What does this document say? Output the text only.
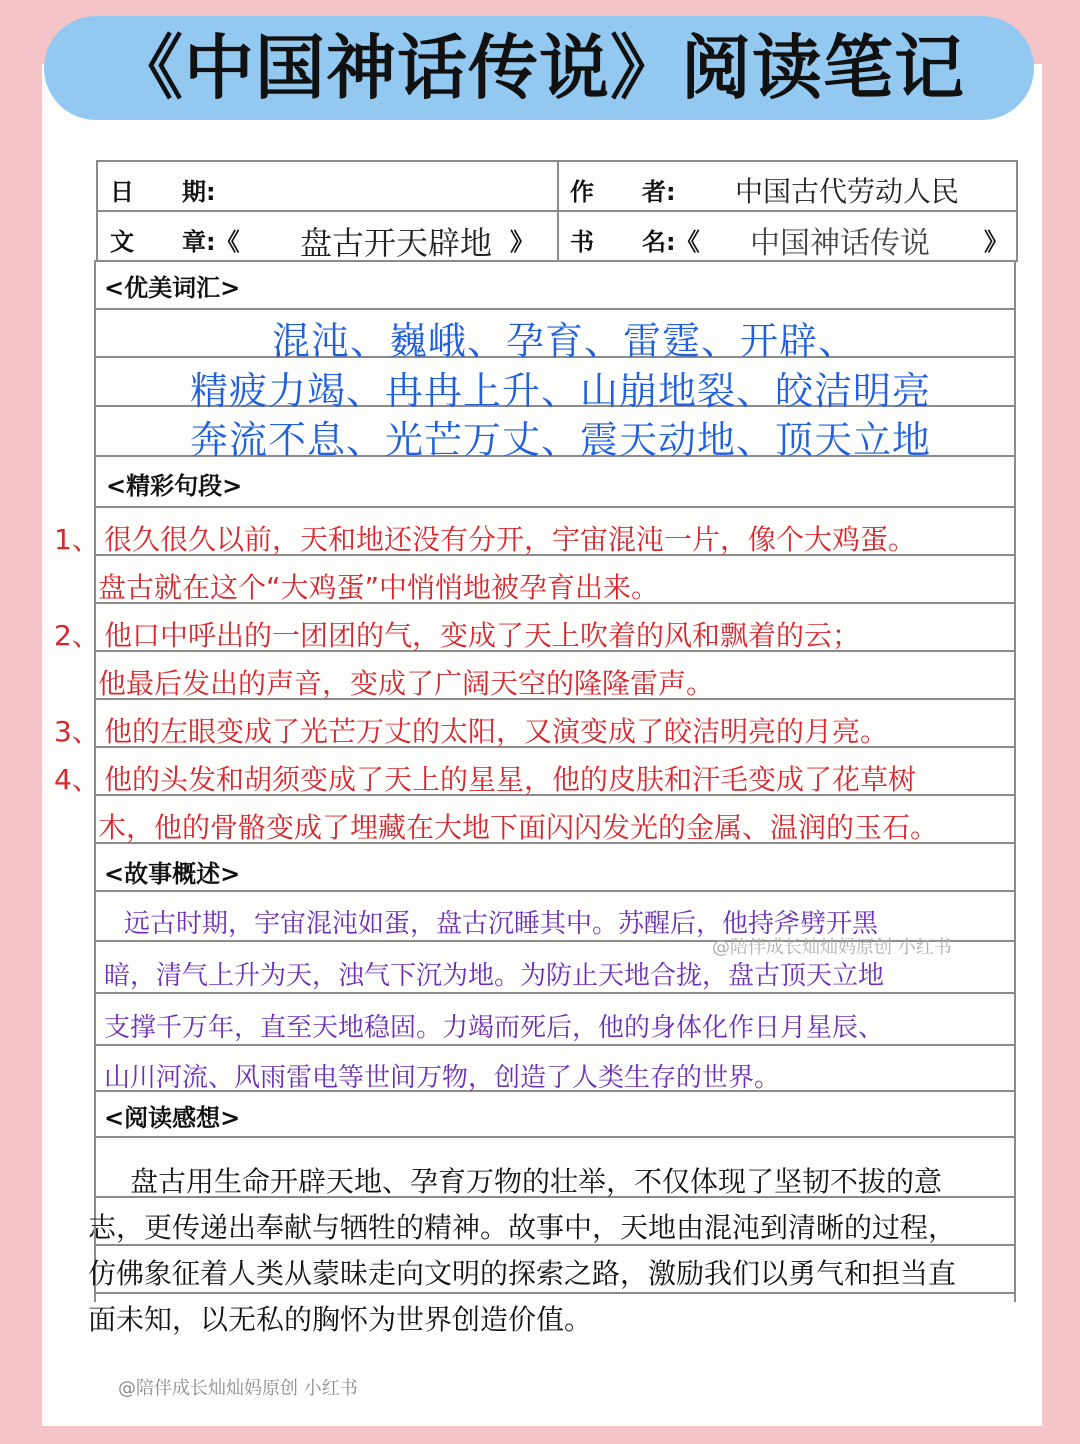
《中国神话传说》阅读笔记
日　　期:	作　　者: 中国古代劳动人民
文　　章:《 盘古开天辟地 》 书　　名:《 中国神话传说 》
<优美词汇>
混沌、巍峨、孕育、雷霆、开辟、
精疲力竭、冉冉上升、山崩地裂、皎洁明亮
奔流不息、光芒万丈、震天动地、顶天立地
<精彩句段>
1、 很久很久以前，天和地还没有分开，宇宙混沌一片，像个大鸡蛋。
盘古就在这个“大鸡蛋”中悄悄地被孕育出来。
2、 他口中呼出的一团团的气，变成了天上吹着的风和飘着的云；
他最后发出的声音，变成了广阔天空的隆隆雷声。
3、 他的左眼变成了光芒万丈的太阳，又演变成了皎洁明亮的月亮。
4、 他的头发和胡须变成了天上的星星，他的皮肤和汗毛变成了花草树
木，他的骨骼变成了埋藏在大地下面闪闪发光的金属、温润的玉石。
<故事概述>
远古时期，宇宙混沌如蛋，盘古沉睡其中。苏醒后，他持斧劈开黑
@陪伴成长灿灿妈原创 小红书
暗，清气上升为天，浊气下沉为地。为防止天地合拢，盘古顶天立地
支撑千万年，直至天地稳固。力竭而死后，他的身体化作日月星辰、
山川河流、风雨雷电等世间万物，创造了人类生存的世界。
<阅读感想>
盘古用生命开辟天地、孕育万物的壮举，不仅体现了坚韧不拔的意
志，更传递出奉献与牺牲的精神。故事中，天地由混沌到清晰的过程，
仿佛象征着人类从蒙昧走向文明的探索之路，激励我们以勇气和担当直
面未知，以无私的胸怀为世界创造价值。
@陪伴成长灿灿妈原创 小红书
